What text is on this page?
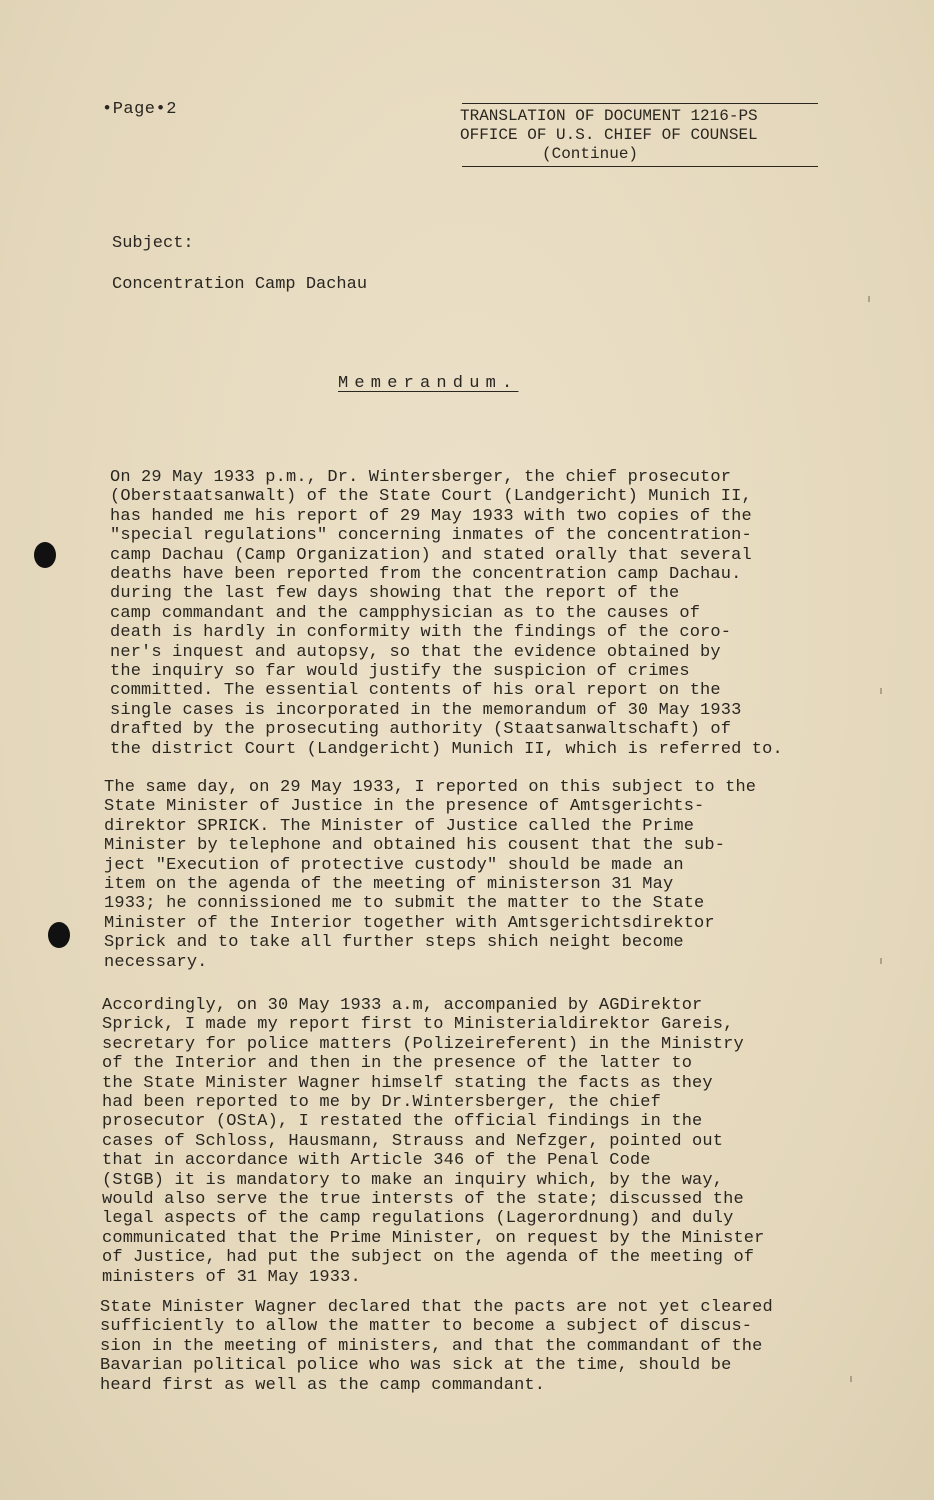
•Page•2	TRANSLATION OF DOCUMENT 1216-PS
OFFICE OF U.S. CHIEF OF COUNSEL
(Continue)
Subject:
Concentration Camp Dachau
Memerandum.
On 29 May 1933 p.m., Dr. Wintersberger, the chief prosecutor
(Oberstaatsanwalt) of the State Court (Landgericht) Munich II,
has handed me his report of 29 May 1933 with two copies of the
"special regulations" concerning inmates of the concentration-
camp Dachau (Camp Organization) and stated orally that several
deaths have been reported from the concentration camp Dachau.
during the last few days showing that the report of the
camp commandant and the campphysician as to the causes of
death is hardly in conformity with the findings of the coro-
ner's inquest and autopsy, so that the evidence obtained by
the inquiry so far would justify the suspicion of crimes
committed. The essential contents of his oral report on the
single cases is incorporated in the memorandum of 30 May 1933
drafted by the prosecuting authority (Staatsanwaltschaft) of
the district Court (Landgericht) Munich II, which is referred to.
The same day, on 29 May 1933, I reported on this subject to the
State Minister of Justice in the presence of Amtsgerichts-
direktor SPRICK. The Minister of Justice called the Prime
Minister by telephone and obtained his cousent that the sub-
ject "Execution of protective custody" should be made an
item on the agenda of the meeting of ministerson 31 May
1933; he connissioned me to submit the matter to the State
Minister of the Interior together with Amtsgerichtsdirektor
Sprick and to take all further steps shich neight become
necessary.
Accordingly, on 30 May 1933 a.m, accompanied by AGDirektor
Sprick, I made my report first to Ministerialdirektor Gareis,
secretary for police matters (Polizeireferent) in the Ministry
of the Interior and then in the presence of the latter to
the State Minister Wagner himself stating the facts as they
had been reported to me by Dr.Wintersberger, the chief
prosecutor (OStA), I restated the official findings in the
cases of Schloss, Hausmann, Strauss and Nefzger, pointed out
that in accordance with Article 346 of the Penal Code
(StGB) it is mandatory to make an inquiry which, by the way,
would also serve the true intersts of the state; discussed the
legal aspects of the camp regulations (Lagerordnung) and duly
communicated that the Prime Minister, on request by the Minister
of Justice, had put the subject on the agenda of the meeting of
ministers of 31 May 1933.
State Minister Wagner declared that the pacts are not yet cleared
sufficiently to allow the matter to become a subject of discus-
sion in the meeting of ministers, and that the commandant of the
Bavarian political police who was sick at the time, should be
heard first as well as the camp commandant.
